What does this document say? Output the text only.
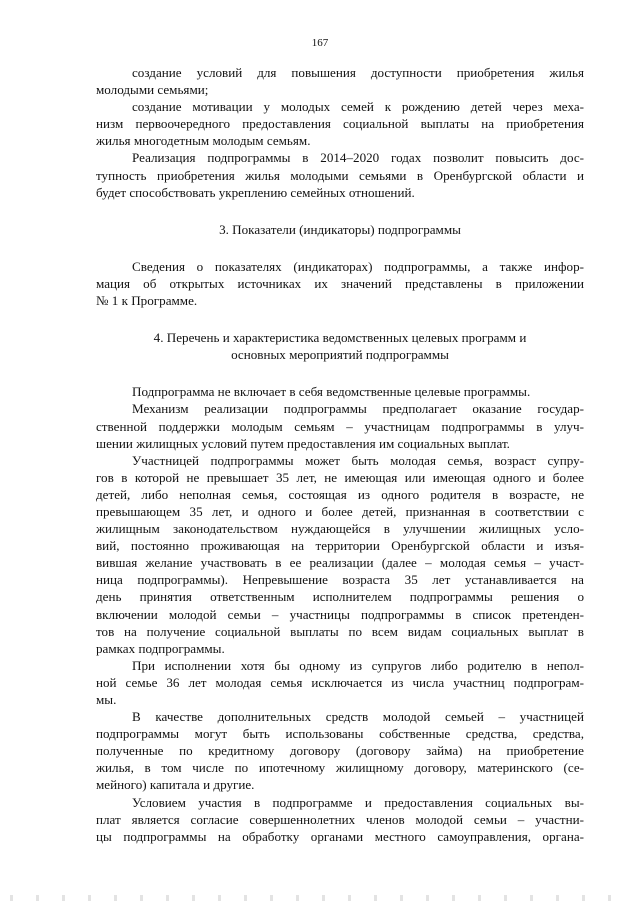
167
создание условий для повышения доступности приобретения жилья
молодыми семьями;
создание мотивации у молодых семей к рождению детей через меха-
низм первоочередного предоставления социальной выплаты на приобретения
жилья многодетным молодым семьям.
Реализация подпрограммы в 2014–2020 годах позволит повысить дос-
тупность приобретения жилья молодыми семьями в Оренбургской области и
будет способствовать укреплению семейных отношений.
3. Показатели (индикаторы) подпрограммы
Сведения о показателях (индикаторах) подпрограммы, а также инфор-
мация об открытых источниках их значений представлены в приложении
№ 1 к Программе.
4. Перечень и характеристика ведомственных целевых программ и
основных мероприятий подпрограммы
Подпрограмма не включает в себя ведомственные целевые программы.
Механизм реализации подпрограммы предполагает оказание государ-
ственной поддержки молодым семьям – участницам подпрограммы в улуч-
шении жилищных условий путем предоставления им социальных выплат.
Участницей подпрограммы может быть молодая семья, возраст супру-
гов в которой не превышает 35 лет, не имеющая или имеющая одного и более
детей, либо неполная семья, состоящая из одного родителя в возрасте, не
превышающем 35 лет, и одного и более детей, признанная в соответствии с
жилищным законодательством нуждающейся в улучшении жилищных усло-
вий, постоянно проживающая на территории Оренбургской области и изъя-
вившая желание участвовать в ее реализации (далее – молодая семья – участ-
ница подпрограммы). Непревышение возраста 35 лет устанавливается на
день принятия ответственным исполнителем подпрограммы решения о
включении молодой семьи – участницы подпрограммы в список претенден-
тов на получение социальной выплаты по всем видам социальных выплат в
рамках подпрограммы.
При исполнении хотя бы одному из супругов либо родителю в непол-
ной семье 36 лет молодая семья исключается из числа участниц подпрограм-
мы.
В качестве дополнительных средств молодой семьей – участницей
подпрограммы могут быть использованы собственные средства, средства,
полученные по кредитному договору (договору займа) на приобретение
жилья, в том числе по ипотечному жилищному договору, материнского (се-
мейного) капитала и другие.
Условием участия в подпрограмме и предоставления социальных вы-
плат является согласие совершеннолетних членов молодой семьи – участни-
цы подпрограммы на обработку органами местного самоуправления, органа-
